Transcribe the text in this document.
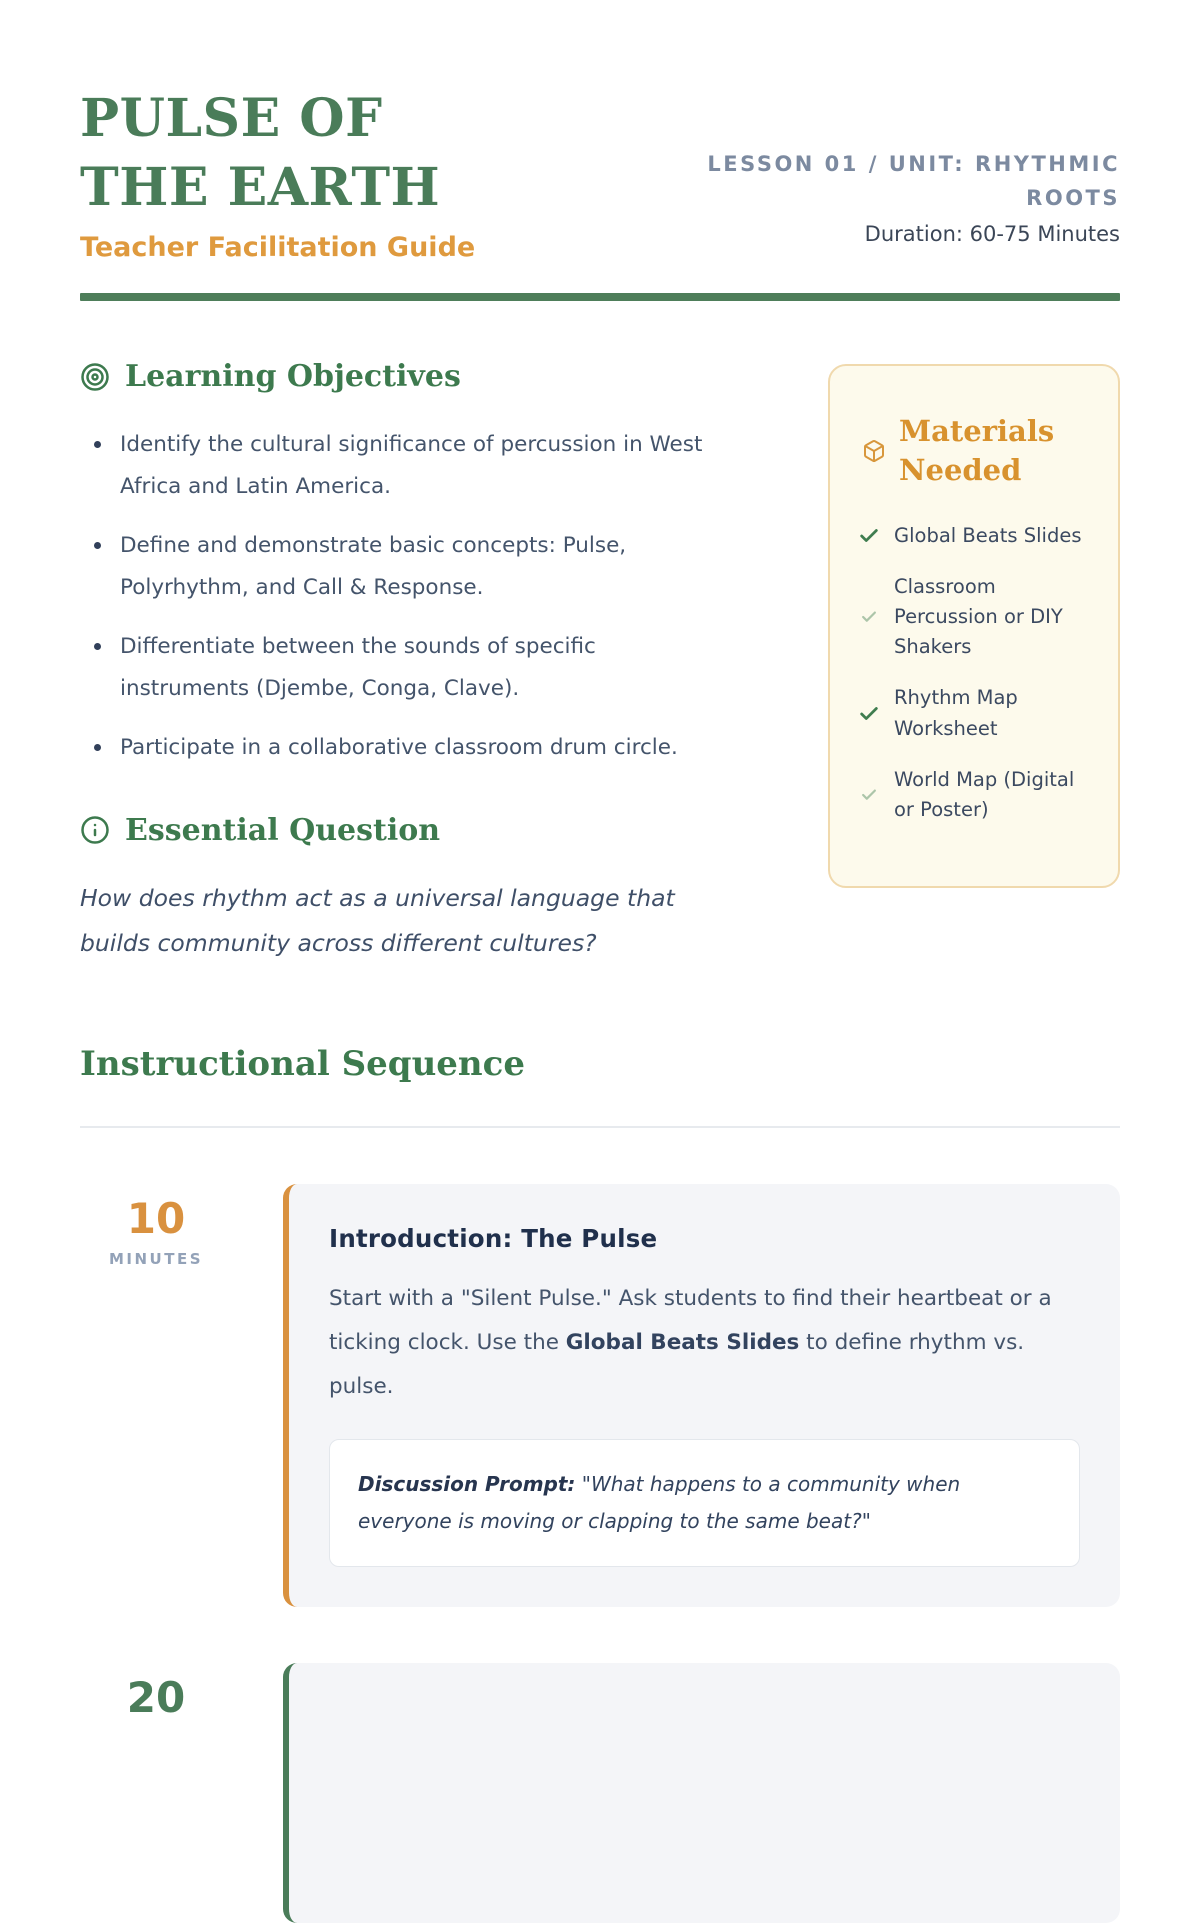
PULSE OF THE EARTH
Teacher Facilitation Guide
LESSON 01 / UNIT: RHYTHMIC ROOTS
Duration: 60-75 Minutes
Learning Objectives
Identify the cultural significance of percussion in West Africa and Latin America.
Define and demonstrate basic concepts: Pulse, Polyrhythm, and Call & Response.
Differentiate between the sounds of specific instruments (Djembe, Conga, Clave).
Participate in a collaborative classroom drum circle.
Essential Question

How does rhythm act as a universal language that builds community across different cultures?

Materials Needed
Global Beats Slides
Classroom Percussion or DIY Shakers
Rhythm Map Worksheet
World Map (Digital or Poster)
Instructional Sequence
10
MINUTES
Introduction: The Pulse

Start with a "Silent Pulse." Ask students to find their heartbeat or a ticking clock. Use the Global Beats Slides to define rhythm vs. pulse.

Discussion Prompt: "What happens to a community when everyone is moving or clapping to the same beat?"
20
